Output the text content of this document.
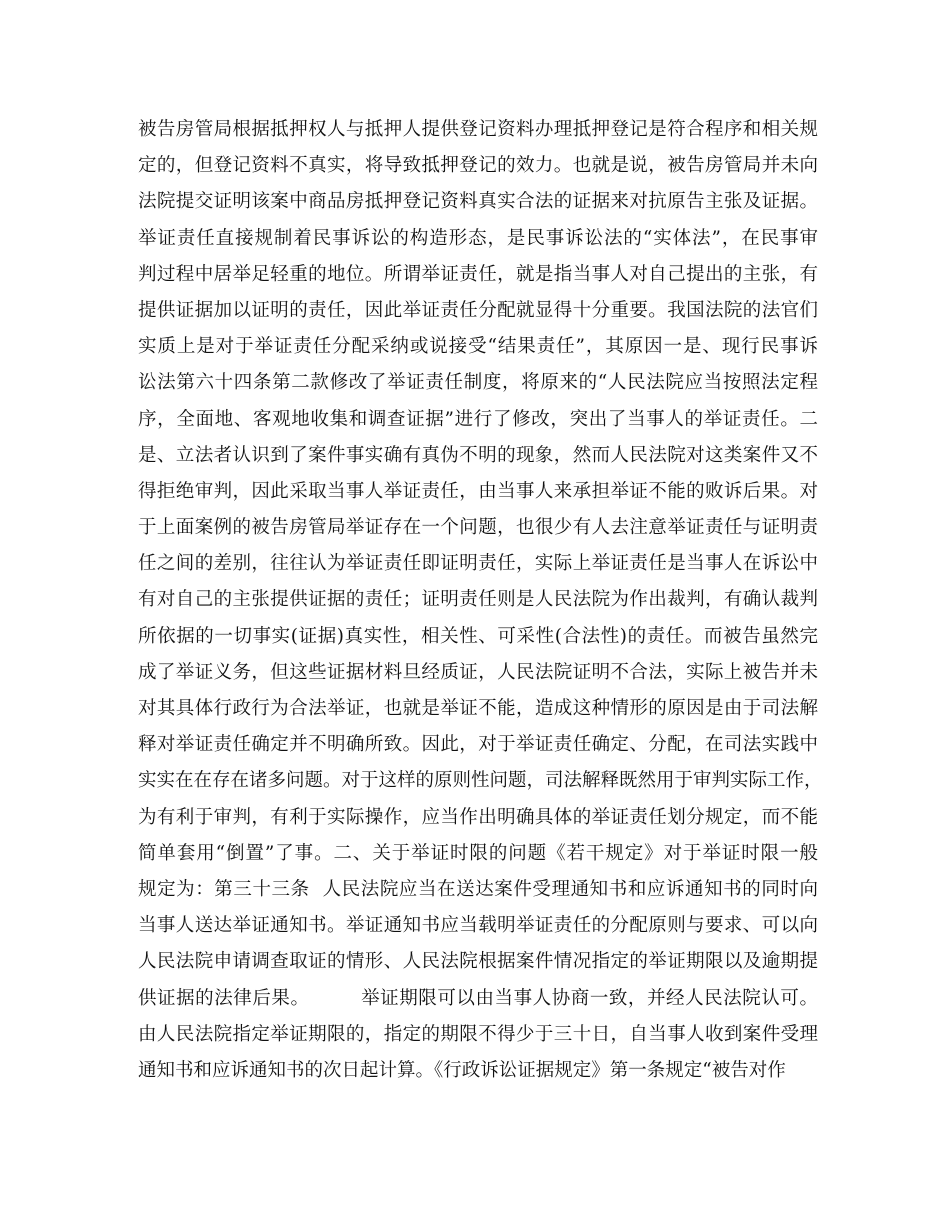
被告房管局根据抵押权人与抵押人提供登记资料办理抵押登记是符合程序和相关规
定的，但登记资料不真实，将导致抵押登记的效力。也就是说，被告房管局并未向
法院提交证明该案中商品房抵押登记资料真实合法的证据来对抗原告主张及证据。
举证责任直接规制着民事诉讼的构造形态，是民事诉讼法的“实体法”，在民事审
判过程中居举足轻重的地位。所谓举证责任，就是指当事人对自己提出的主张，有
提供证据加以证明的责任，因此举证责任分配就显得十分重要。我国法院的法官们
实质上是对于举证责任分配采纳或说接受“结果责任”，其原因一是、现行民事诉
讼法第六十四条第二款修改了举证责任制度，将原来的“人民法院应当按照法定程
序，全面地、客观地收集和调查证据”进行了修改，突出了当事人的举证责任。二
是、立法者认识到了案件事实确有真伪不明的现象，然而人民法院对这类案件又不
得拒绝审判，因此采取当事人举证责任，由当事人来承担举证不能的败诉后果。对
于上面案例的被告房管局举证存在一个问题，也很少有人去注意举证责任与证明责
任之间的差别，往往认为举证责任即证明责任，实际上举证责任是当事人在诉讼中
有对自己的主张提供证据的责任；证明责任则是人民法院为作出裁判，有确认裁判
所依据的一切事实(证据)真实性，相关性、可采性(合法性)的责任。而被告虽然完
成了举证义务，但这些证据材料旦经质证，人民法院证明不合法，实际上被告并未
对其具体行政行为合法举证，也就是举证不能，造成这种情形的原因是由于司法解
释对举证责任确定并不明确所致。因此，对于举证责任确定、分配，在司法实践中
实实在在存在诸多问题。对于这样的原则性问题，司法解释既然用于审判实际工作，
为有利于审判，有利于实际操作，应当作出明确具体的举证责任划分规定，而不能
简单套用“倒置”了事。二、关于举证时限的问题《若干规定》对于举证时限一般
规定为：第三十三条  人民法院应当在送达案件受理通知书和应诉通知书的同时向
当事人送达举证通知书。举证通知书应当载明举证责任的分配原则与要求、可以向
人民法院申请调查取证的情形、人民法院根据案件情况指定的举证期限以及逾期提
供证据的法律后果。        举证期限可以由当事人协商一致，并经人民法院认可。
由人民法院指定举证期限的，指定的期限不得少于三十日，自当事人收到案件受理
通知书和应诉通知书的次日起计算。《行政诉讼证据规定》第一条规定“被告对作
